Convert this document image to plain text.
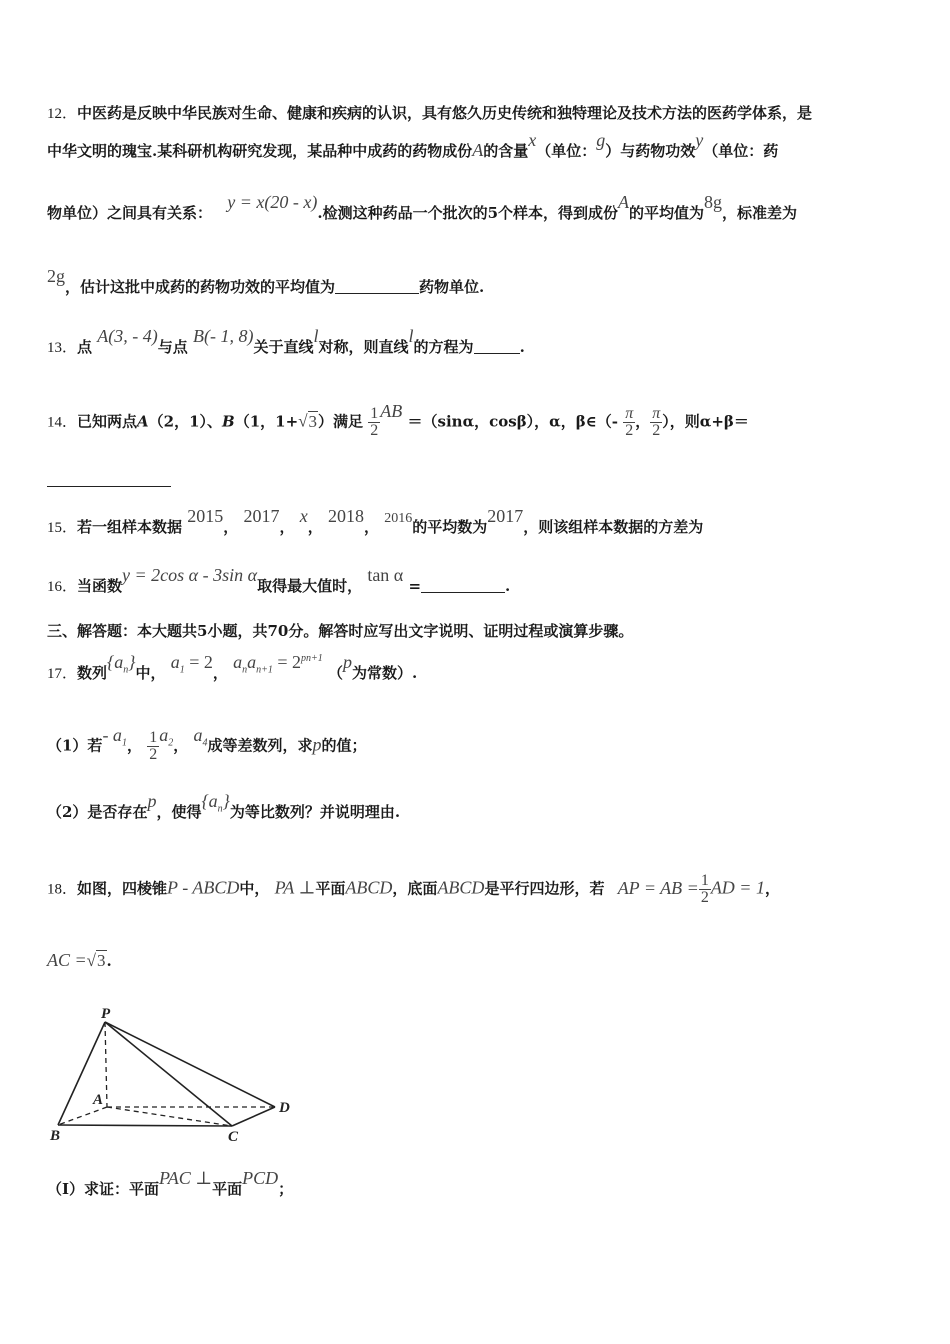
12．中医药是反映中华民族对生命、健康和疾病的认识，具有悠久历史传统和独特理论及技术方法的医药学体系，是
中华文明的瑰宝.某科研机构研究发现，某品种中成药的药物成份A的含量x（单位：g）与药物功效y（单位：药
物单位）之间具有关系： y = x(20 - x).检测这种药品一个批次的5个样本，得到成份A的平均值为8g，标准差为
2g，估计这批中成药的药物功效的平均值为	药物单位.
13．点 A(3, - 4)与点 B(- 1, 8)关于直线l对称，则直线l的方程为	.
14．已知两点A（2，1）、B（1，1+√3）满足 $\frac{1}{2}$ AB ＝（sinα，cosβ），α，β∈（- $\frac{\pi}{2}$ ， $\frac{\pi}{2}$ ），则α+β＝
15．若一组样本数据 2015， 2017， x， 2018， 2016的平均数为2017，则该组样本数据的方差为
16．当函数y = 2cos α - 3sin α取得最大值时， tan α =	.
三、解答题：本大题共5小题，共70分。解答时应写出文字说明、证明过程或演算步骤。
17．数列$\{a_n\}$中， $a_1 = 2$， $a_na_{n+1} = 2^{pn+1}$ （p为常数）.
（1）若- $a_1$， $\frac{1}{2} a_2$， $a_4$成等差数列，求p的值；
（2）是否存在p，使得$\{a_n\}$为等比数列？并说明理由.
18．如图，四棱锥P - ABCD中， PA ⊥平面ABCD，底面ABCD是平行四边形，若 AP = AB = $\frac{1}{2}$ AD = 1，
AC =√3.
P
A
B	C
D
（Ⅰ）求证：平面PAC ⊥平面PCD；
